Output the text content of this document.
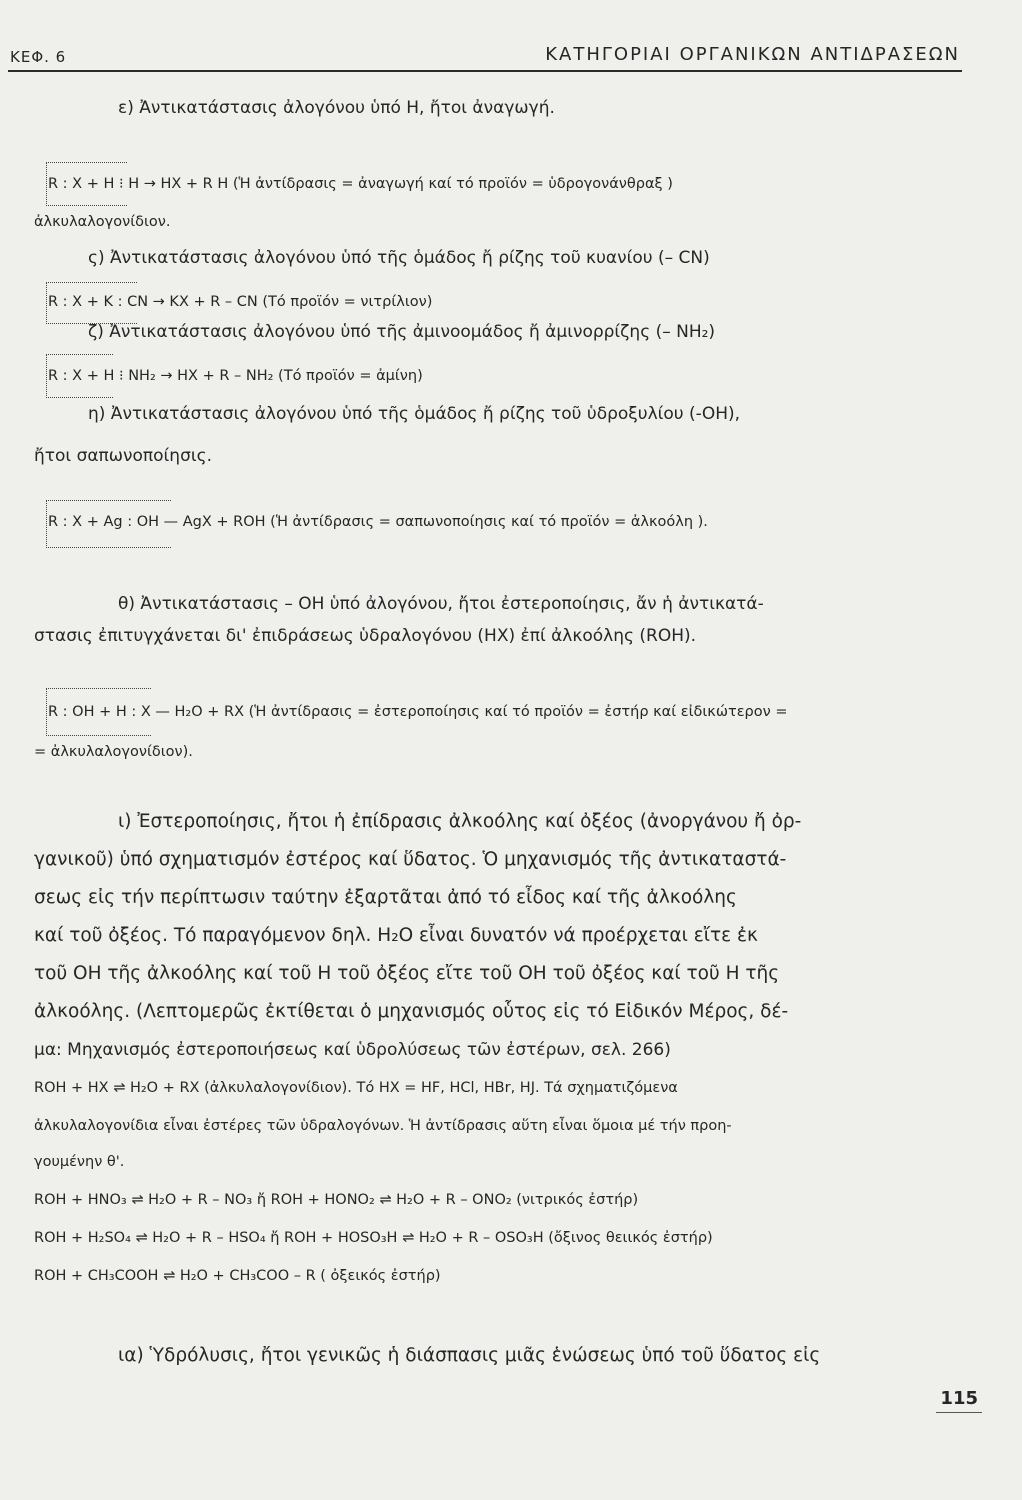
ΚΕΦ. 6	ΚΑΤΗΓΟΡΙΑΙ ΟΡΓΑΝΙΚΩΝ ΑΝΤΙΔΡΑΣΕΩΝ
ε) Ἀντικατάστασις ἀλογόνου ὑπό Η, ἤτοι ἀναγωγή.
R : X + H ⁝ H → HX + R H (Ἡ ἀντίδρασις = ἀναγωγή καί τό προϊόν = ὑδρογονάνθραξ )
ἀλκυλαλογονίδιον.
ς) Ἀντικατάστασις ἀλογόνου ὑπό τῆς ὁμάδος ἤ ρίζης τοῦ κυανίου (– CN)
R : X + K : CN → KX + R – CN (Τό προϊόν = νιτρίλιον)
ζ) Ἀντικατάστασις ἀλογόνου ὑπό τῆς ἀμινοομάδος ἤ ἀμινορρίζης (– NH₂)
R : X + H ⁝ NH₂ → HX + R – NH₂ (Τό προϊόν = ἀμίνη)
η) Ἀντικατάστασις ἀλογόνου ὑπό τῆς ὁμάδος ἤ ρίζης τοῦ ὑδροξυλίου (-OH),
ἤτοι σαπωνοποίησις.
R : X + Ag : OH — AgX + ROH (Ἡ ἀντίδρασις = σαπωνοποίησις καί τό προϊόν = ἀλκοόλη ).
θ) Ἀντικατάστασις – OH ὑπό ἀλογόνου, ἤτοι ἐστεροποίησις, ἄν ἡ ἀντικατά-
στασις ἐπιτυγχάνεται δι' ἐπιδράσεως ὑδραλογόνου (HX) ἐπί ἀλκοόλης (ROH).
R : OH + H : X — H₂O + RX (Ἡ ἀντίδρασις = ἐστεροποίησις καί τό προϊόν = ἐστήρ καί εἰδικώτερον =
= ἀλκυλαλογονίδιον).
ι) Ἐστεροποίησις, ἤτοι ἡ ἐπίδρασις ἀλκοόλης καί ὀξέος (ἀνοργάνου ἤ ὀρ-
γανικοῦ) ὑπό σχηματισμόν ἐστέρος καί ὕδατος. Ὁ μηχανισμός τῆς ἀντικαταστά-
σεως εἰς τήν περίπτωσιν ταύτην ἐξαρτᾶται ἀπό τό εἶδος καί τῆς ἀλκοόλης
καί τοῦ ὀξέος. Τό παραγόμενον δηλ. H₂O εἶναι δυνατόν νά προέρχεται εἴτε ἐκ
τοῦ OH τῆς ἀλκοόλης καί τοῦ H τοῦ ὀξέος εἴτε τοῦ OH τοῦ ὀξέος καί τοῦ H τῆς
ἀλκοόλης. (Λεπτομερῶς ἐκτίθεται ὁ μηχανισμός οὗτος εἰς τό Εἰδικόν Μέρος, δέ-
μα: Μηχανισμός ἐστεροποιήσεως καί ὑδρολύσεως τῶν ἐστέρων, σελ. 266)
ROH + HX ⇌ H₂O + RX (ἀλκυλαλογονίδιον). Τό HX = HF, HCl, HBr, HJ. Τά σχηματιζόμενα
ἀλκυλαλογονίδια εἶναι ἐστέρες τῶν ὑδραλογόνων. Ἡ ἀντίδρασις αὕτη εἶναι ὅμοια μέ τήν προη-
γουμένην θ'.
ROH + HNO₃ ⇌ H₂O + R – NO₃ ἤ ROH + HONO₂ ⇌ H₂O + R – ONO₂ (νιτρικός ἐστήρ)
ROH + H₂SO₄ ⇌ H₂O + R – HSO₄ ἤ ROH + HOSO₃H ⇌ H₂O + R – OSO₃H (ὄξινος θειικός ἐστήρ)
ROH + CH₃COOH ⇌ H₂O + CH₃COO – R ( ὀξεικός ἐστήρ)
ια) Ὑδρόλυσις, ἤτοι γενικῶς ἡ διάσπασις μιᾶς ἑνώσεως ὑπό τοῦ ὕδατος εἰς
115
